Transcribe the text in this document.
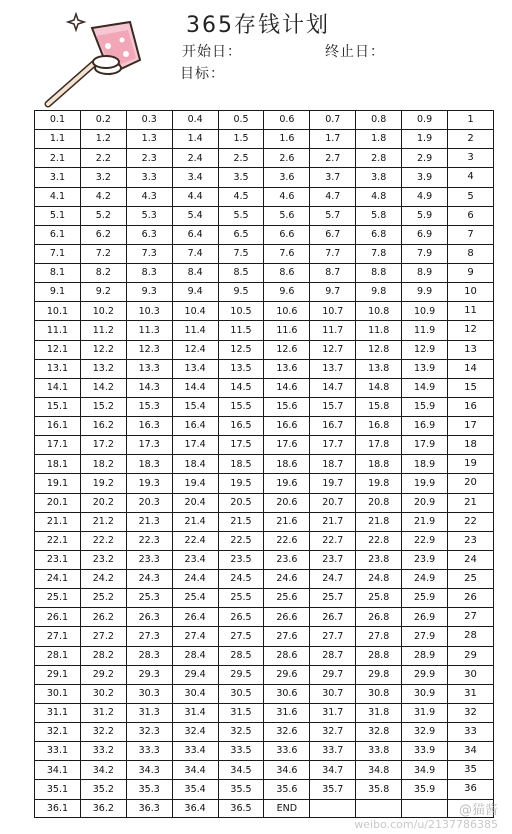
365存钱计划
开始日：	终止日：
目标：
0.1	0.2	0.3	0.4	0.5	0.6	0.7	0.8	0.9	1
1.1	1.2	1.3	1.4	1.5	1.6	1.7	1.8	1.9	2
2.1	2.2	2.3	2.4	2.5	2.6	2.7	2.8	2.9	3
3.1	3.2	3.3	3.4	3.5	3.6	3.7	3.8	3.9	4
4.1	4.2	4.3	4.4	4.5	4.6	4.7	4.8	4.9	5
5.1	5.2	5.3	5.4	5.5	5.6	5.7	5.8	5.9	6
6.1	6.2	6.3	6.4	6.5	6.6	6.7	6.8	6.9	7
7.1	7.2	7.3	7.4	7.5	7.6	7.7	7.8	7.9	8
8.1	8.2	8.3	8.4	8.5	8.6	8.7	8.8	8.9	9
9.1	9.2	9.3	9.4	9.5	9.6	9.7	9.8	9.9	10
10.1	10.2	10.3	10.4	10.5	10.6	10.7	10.8	10.9	11
11.1	11.2	11.3	11.4	11.5	11.6	11.7	11.8	11.9	12
12.1	12.2	12.3	12.4	12.5	12.6	12.7	12.8	12.9	13
13.1	13.2	13.3	13.4	13.5	13.6	13.7	13.8	13.9	14
14.1	14.2	14.3	14.4	14.5	14.6	14.7	14.8	14.9	15
15.1	15.2	15.3	15.4	15.5	15.6	15.7	15.8	15.9	16
16.1	16.2	16.3	16.4	16.5	16.6	16.7	16.8	16.9	17
17.1	17.2	17.3	17.4	17.5	17.6	17.7	17.8	17.9	18
18.1	18.2	18.3	18.4	18.5	18.6	18.7	18.8	18.9	19
19.1	19.2	19.3	19.4	19.5	19.6	19.7	19.8	19.9	20
20.1	20.2	20.3	20.4	20.5	20.6	20.7	20.8	20.9	21
21.1	21.2	21.3	21.4	21.5	21.6	21.7	21.8	21.9	22
22.1	22.2	22.3	22.4	22.5	22.6	22.7	22.8	22.9	23
23.1	23.2	23.3	23.4	23.5	23.6	23.7	23.8	23.9	24
24.1	24.2	24.3	24.4	24.5	24.6	24.7	24.8	24.9	25
25.1	25.2	25.3	25.4	25.5	25.6	25.7	25.8	25.9	26
26.1	26.2	26.3	26.4	26.5	26.6	26.7	26.8	26.9	27
27.1	27.2	27.3	27.4	27.5	27.6	27.7	27.8	27.9	28
28.1	28.2	28.3	28.4	28.5	28.6	28.7	28.8	28.9	29
29.1	29.2	29.3	29.4	29.5	29.6	29.7	29.8	29.9	30
30.1	30.2	30.3	30.4	30.5	30.6	30.7	30.8	30.9	31
31.1	31.2	31.3	31.4	31.5	31.6	31.7	31.8	31.9	32
32.1	32.2	32.3	32.4	32.5	32.6	32.7	32.8	32.9	33
33.1	33.2	33.3	33.4	33.5	33.6	33.7	33.8	33.9	34
34.1	34.2	34.3	34.4	34.5	34.6	34.7	34.8	34.9	35
35.1	35.2	35.3	35.4	35.5	35.6	35.7	35.8	35.9	36
36.1	36.2	36.3	36.4	36.5	END					@猫酱
weibo.com/u/2137786385
